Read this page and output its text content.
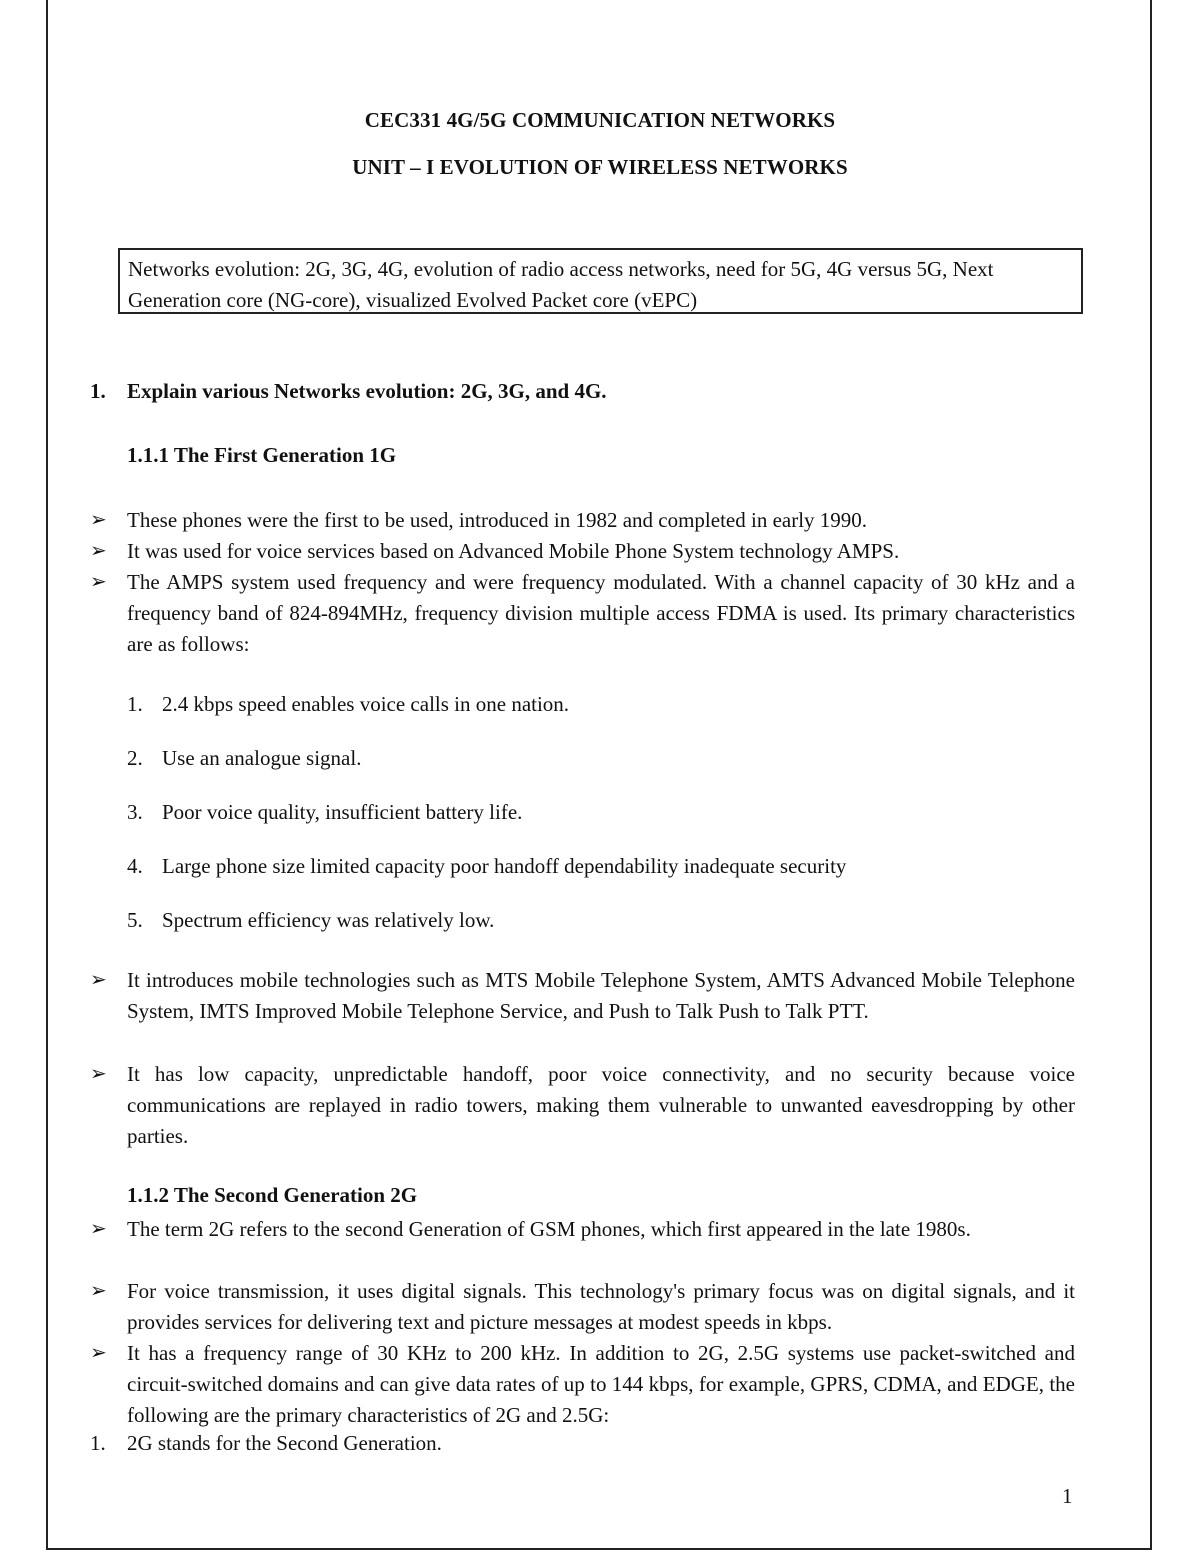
CEC331 4G/5G COMMUNICATION NETWORKS
UNIT – I EVOLUTION OF WIRELESS NETWORKS
Networks evolution: 2G, 3G, 4G, evolution of radio access networks, need for 5G, 4G versus 5G, Next Generation core (NG-core), visualized Evolved Packet core (vEPC)
1. Explain various Networks evolution: 2G, 3G, and 4G.
1.1.1 The First Generation 1G
➢ These phones were the first to be used, introduced in 1982 and completed in early 1990.
➢ It was used for voice services based on Advanced Mobile Phone System technology AMPS.
➢ The AMPS system used frequency and were frequency modulated. With a channel capacity of 30 kHz and a frequency band of 824-894MHz, frequency division multiple access FDMA is used. Its primary characteristics are as follows:
1. 2.4 kbps speed enables voice calls in one nation.
2. Use an analogue signal.
3. Poor voice quality, insufficient battery life.
4. Large phone size limited capacity poor handoff dependability inadequate security
5. Spectrum efficiency was relatively low.
➢ It introduces mobile technologies such as MTS Mobile Telephone System, AMTS Advanced Mobile Telephone System, IMTS Improved Mobile Telephone Service, and Push to Talk Push to Talk PTT.
➢ It has low capacity, unpredictable handoff, poor voice connectivity, and no security because voice communications are replayed in radio towers, making them vulnerable to unwanted eavesdropping by other parties.
1.1.2 The Second Generation 2G
➢ The term 2G refers to the second Generation of GSM phones, which first appeared in the late 1980s.
➢ For voice transmission, it uses digital signals. This technology's primary focus was on digital signals, and it provides services for delivering text and picture messages at modest speeds in kbps.
➢ It has a frequency range of 30 KHz to 200 kHz. In addition to 2G, 2.5G systems use packet-switched and circuit-switched domains and can give data rates of up to 144 kbps, for example, GPRS, CDMA, and EDGE, the following are the primary characteristics of 2G and 2.5G:
1. 2G stands for the Second Generation.
1
